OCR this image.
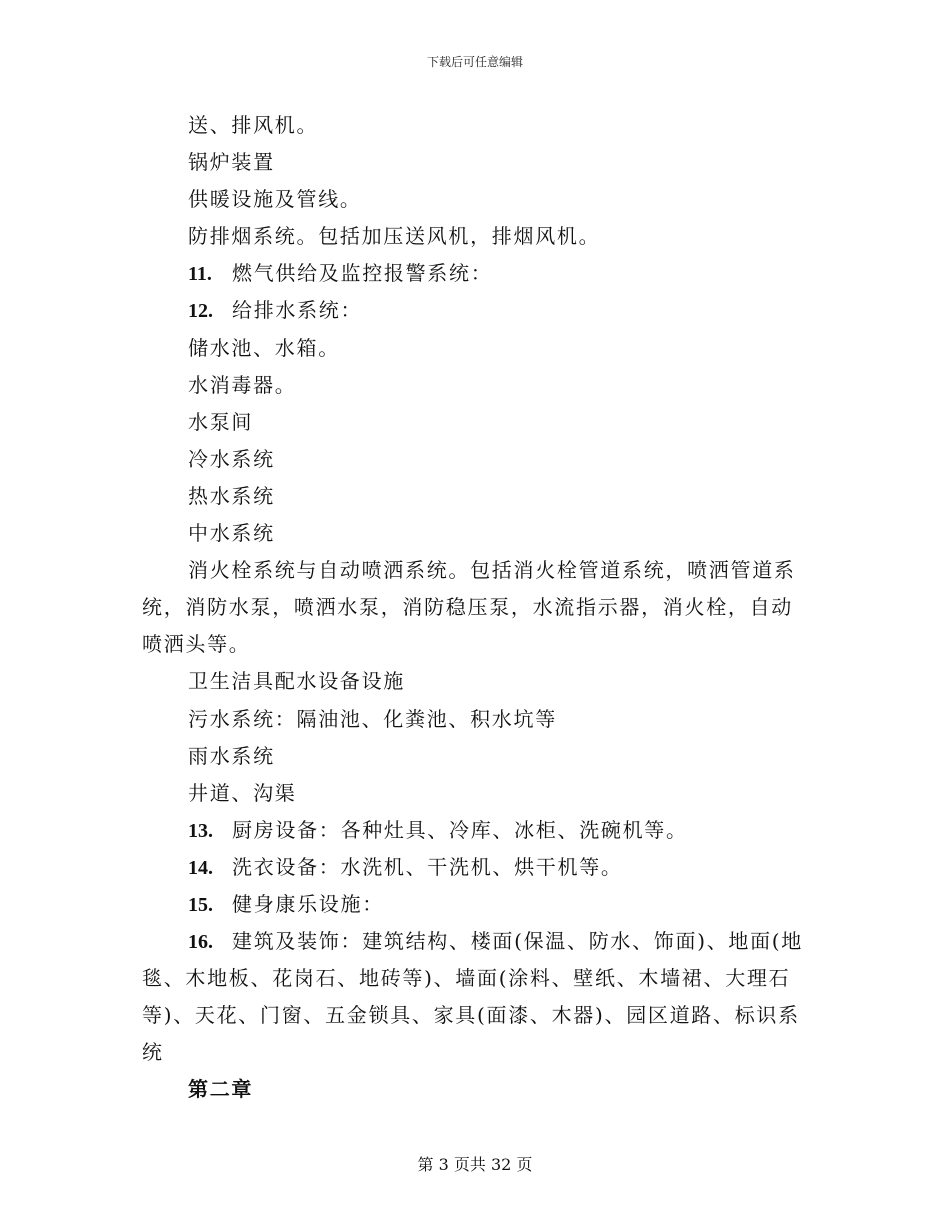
下载后可任意编辑
送、排风机。
锅炉装置
供暖设施及管线。
防排烟系统。包括加压送风机，排烟风机。
11. 燃气供给及监控报警系统：
12. 给排水系统：
储水池、水箱。
水消毒器。
水泵间
冷水系统
热水系统
中水系统
消火栓系统与自动喷洒系统。包括消火栓管道系统，喷洒管道系
统，消防水泵，喷洒水泵，消防稳压泵，水流指示器，消火栓，自动
喷洒头等。
卫生洁具配水设备设施
污水系统：隔油池、化粪池、积水坑等
雨水系统
井道、沟渠
13. 厨房设备：各种灶具、冷库、冰柜、洗碗机等。
14. 洗衣设备：水洗机、干洗机、烘干机等。
15. 健身康乐设施：
16. 建筑及装饰：建筑结构、楼面(保温、防水、饰面)、地面(地
毯、木地板、花岗石、地砖等)、墙面(涂料、壁纸、木墙裙、大理石
等)、天花、门窗、五金锁具、家具(面漆、木器)、园区道路、标识系
统
第二章
第 3 页共 32 页
